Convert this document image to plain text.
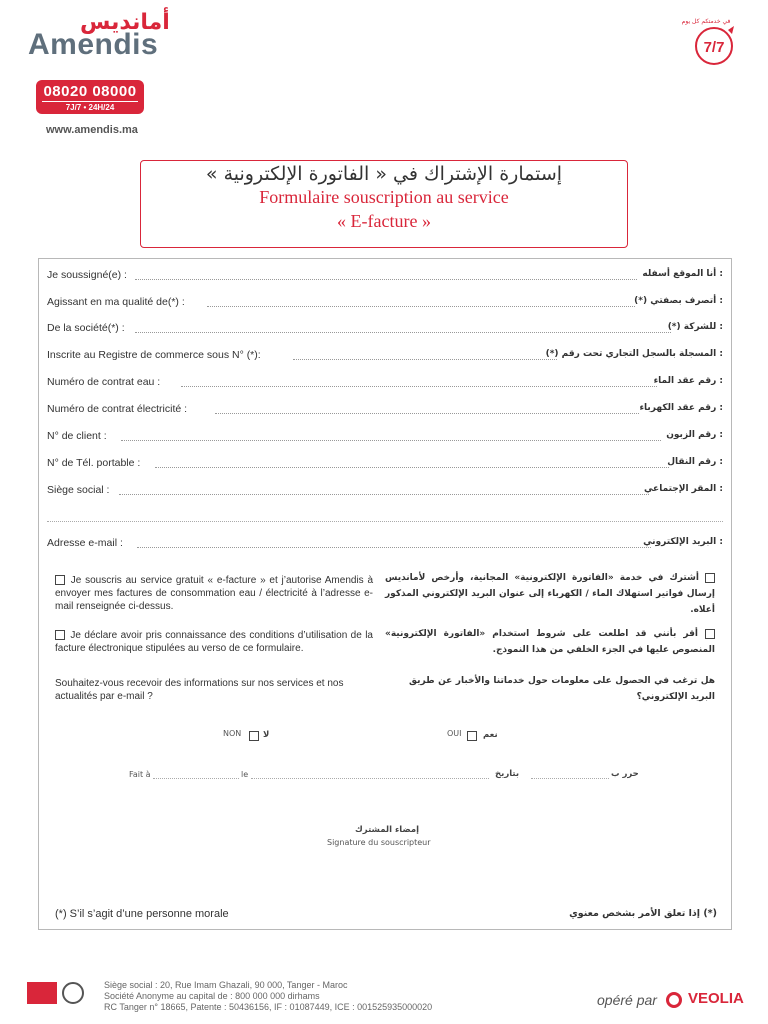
أمانديس
Amendis
08020 08000
7J/7 • 24H/24
www.amendis.ma
7/7
في خدمتكم كل يوم
إستمارة الإشتراك في « الفاتورة الإلكترونية »
Formulaire souscription au service
« E-facture »
Je soussigné(e) :	: أنا الموقع أسفله
Agissant en ma qualité de(*) :	: أتصرف بصفتي (*)
De la société(*) :	: للشركة (*)
Inscrite au Registre de commerce sous N° (*):	: المسجلة بالسجل التجاري تحت رقم (*)
Numéro de contrat eau :	: رقم عقد الماء
Numéro de contrat électricité :	: رقم عقد الكهرباء
N° de client :	: رقم الزبون
N° de Tél. portable :	: رقم النقال
Siège social :	: المقر الإجتماعي
Adresse e-mail :	: البريد الإلكتروني
Je souscris au service gratuit « e-facture » et j’autorise Amendis à envoyer mes factures de consommation eau / électricité à l’adresse e-mail renseignée ci-dessus.
أشترك في خدمة «الفاتورة الإلكترونية» المجانية، وأرخص لأمانديس إرسال فواتير استهلاك الماء / الكهرباء إلى عنوان البريد الإلكتروني المذكور أعلاه.
Je déclare avoir pris connaissance des conditions d’utilisation de la facture électronique stipulées au verso de ce formulaire.
أقر بأنني قد اطلعت على شروط استخدام «الفاتورة الإلكترونية» المنصوص عليها في الجزء الخلفي من هذا النموذج.
Souhaitez-vous recevoir des informations sur nos services et nos actualités par e-mail ?
هل ترغب في الحصول على معلومات حول خدماتنا والأخبار عن طريق البريد الإلكتروني؟
NON	لا	OUI	نعم
Fait à	le	بتاريخ	حرر ب
إمضاء المشترك
Signature du souscripteur
(*) S’il s’agit d’une personne morale	(*) إذا تعلق الأمر بشخص معنوي
Siège social : 20, Rue Imam Ghazali, 90 000, Tanger - Maroc
Société Anonyme au capital de : 800 000 000 dirhams
RC Tanger n° 18665, Patente : 50436156, IF : 01087449, ICE : 001525935000020	opéré par VEOLIA
